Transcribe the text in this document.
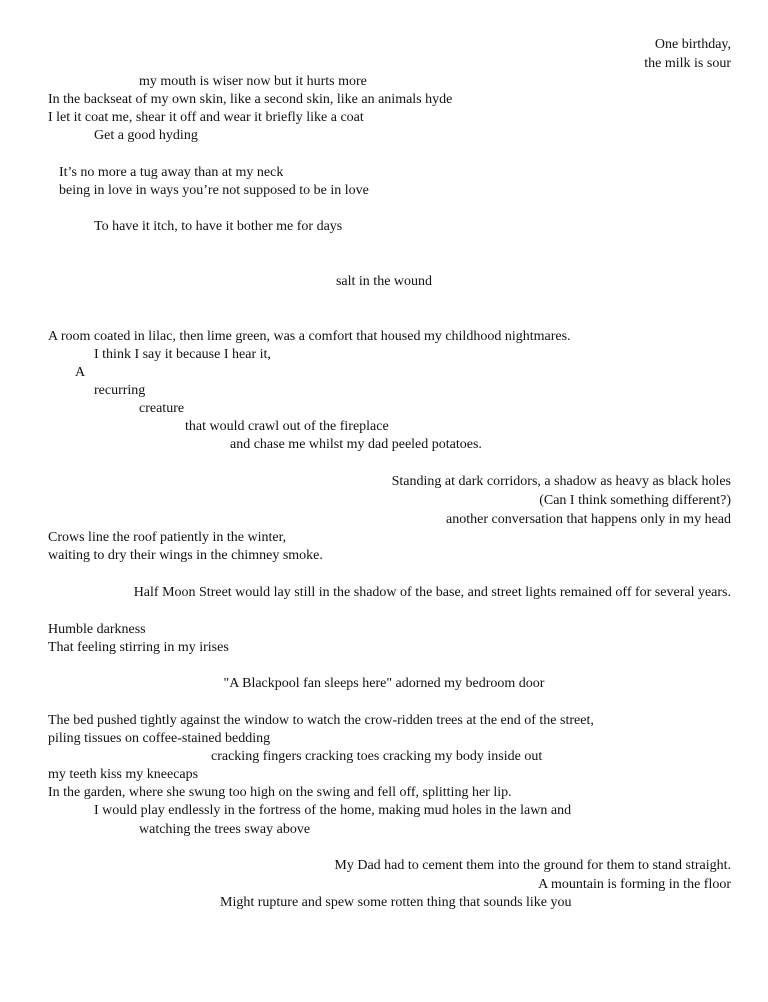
One birthday,
the milk is sour
my mouth is wiser now but it hurts more
In the backseat of my own skin, like a second skin, like an animals hyde
I let it coat me, shear it off and wear it briefly like a coat
Get a good hyding
It’s no more a tug away than at my neck
being in love in ways you’re not supposed to be in love
To have it itch, to have it bother me for days
salt in the wound
A room coated in lilac, then lime green, was a comfort that housed my childhood nightmares.
I think I say it because I hear it,
A
recurring
creature
that would crawl out of the fireplace
and chase me whilst my dad peeled potatoes.
Standing at dark corridors, a shadow as heavy as black holes
(Can I think something different?)
another conversation that happens only in my head
Crows line the roof patiently in the winter,
waiting to dry their wings in the chimney smoke.
Half Moon Street would lay still in the shadow of the base, and street lights remained off for several years.
Humble darkness
That feeling stirring in my irises
"A Blackpool fan sleeps here" adorned my bedroom door
The bed pushed tightly against the window to watch the crow-ridden trees at the end of the street,
piling tissues on coffee-stained bedding
cracking fingers cracking toes cracking my body inside out
my teeth kiss my kneecaps
In the garden, where she swung too high on the swing and fell off, splitting her lip.
I would play endlessly in the fortress of the home, making mud holes in the lawn and
watching the trees sway above
My Dad had to cement them into the ground for them to stand straight.
A mountain is forming in the floor
Might rupture and spew some rotten thing that sounds like you
